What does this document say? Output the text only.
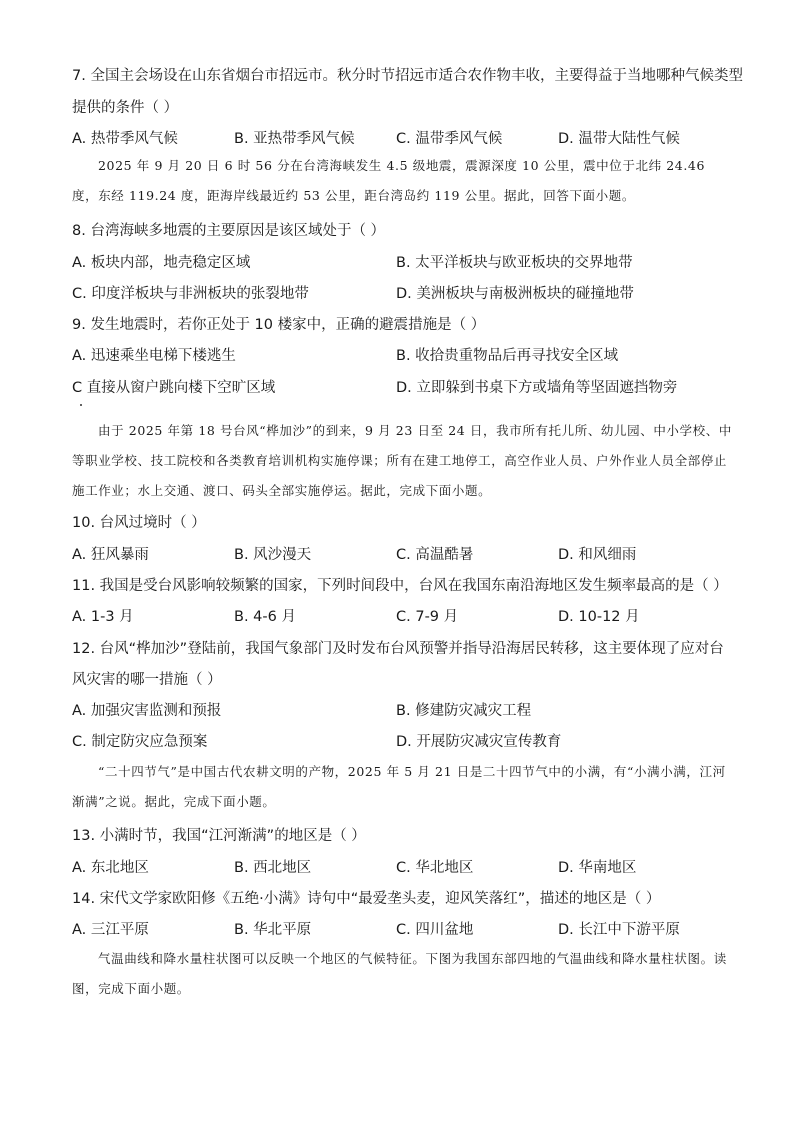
7. 全国主会场设在山东省烟台市招远市。秋分时节招远市适合农作物丰收，主要得益于当地哪种气候类型
提供的条件（ ）
A. 热带季风气候	B. 亚热带季风气候	C. 温带季风气候	D. 温带大陆性气候
2025 年 9 月 20 日 6 时 56 分在台湾海峡发生 4.5 级地震，震源深度 10 公里，震中位于北纬 24.46 度，东经 119.24 度，距海岸线最近约 53 公里，距台湾岛约 119 公里。据此，回答下面小题。
8. 台湾海峡多地震的主要原因是该区域处于（ ）
A. 板块内部，地壳稳定区域	B. 太平洋板块与欧亚板块的交界地带
C. 印度洋板块与非洲板块的张裂地带	D. 美洲板块与南极洲板块的碰撞地带
9. 发生地震时，若你正处于 10 楼家中，正确的避震措施是（ ）
A. 迅速乘坐电梯下楼逃生	B. 收拾贵重物品后再寻找安全区域
C 直接从窗户跳向楼下空旷区域	D. 立即躲到书桌下方或墙角等坚固遮挡物旁
由于 2025 年第 18 号台风“桦加沙”的到来，9 月 23 日至 24 日，我市所有托儿所、幼儿园、中小学校、中等职业学校、技工院校和各类教育培训机构实施停课；所有在建工地停工，高空作业人员、户外作业人员全部停止施工作业；水上交通、渡口、码头全部实施停运。据此，完成下面小题。
10. 台风过境时（ ）
A. 狂风暴雨	B. 风沙漫天	C. 高温酷暑	D. 和风细雨
11. 我国是受台风影响较频繁的国家，下列时间段中，台风在我国东南沿海地区发生频率最高的是（ ）
A. 1-3 月	B. 4-6 月	C. 7-9 月	D. 10-12 月
12. 台风“桦加沙”登陆前，我国气象部门及时发布台风预警并指导沿海居民转移，这主要体现了应对台
风灾害的哪一措施（ ）
A. 加强灾害监测和预报	B. 修建防灾减灾工程
C. 制定防灾应急预案	D. 开展防灾减灾宣传教育
“二十四节气”是中国古代农耕文明的产物，2025 年 5 月 21 日是二十四节气中的小满，有“小满小满，江河渐满”之说。据此，完成下面小题。
13. 小满时节，我国“江河渐满”的地区是（ ）
A. 东北地区	B. 西北地区	C. 华北地区	D. 华南地区
14. 宋代文学家欧阳修《五绝·小满》诗句中“最爱垄头麦，迎风笑落红”，描述的地区是（ ）
A. 三江平原	B. 华北平原	C. 四川盆地	D. 长江中下游平原
气温曲线和降水量柱状图可以反映一个地区的气候特征。下图为我国东部四地的气温曲线和降水量柱状图。读图，完成下面小题。
